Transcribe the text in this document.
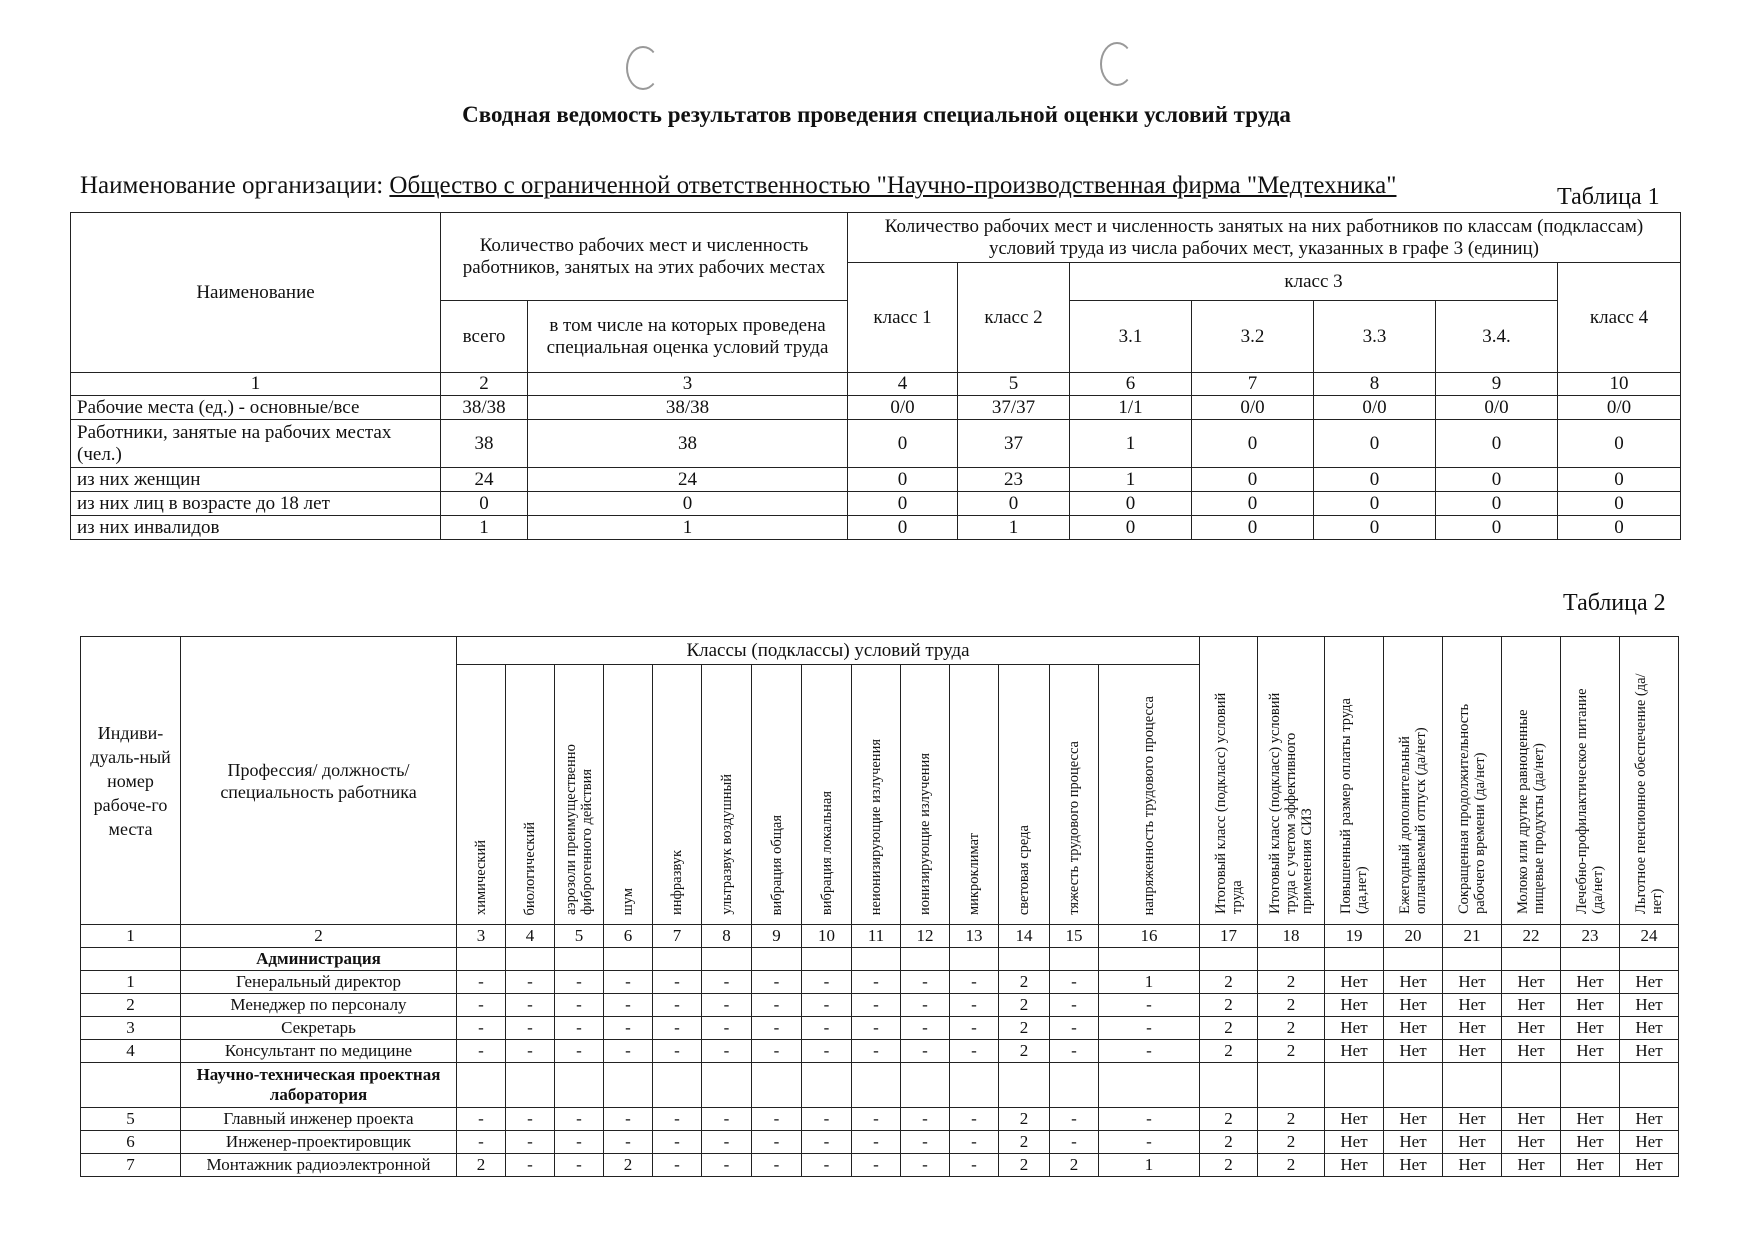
Сводная ведомость результатов проведения специальной оценки условий труда
Наименование организации: Общество с ограниченной ответственностью "Научно-производственная фирма "Медтехника"	Таблица 1
Наименование	Количество рабочих мест и численность работников, занятых на этих рабочих местах		Количество рабочих мест и численность занятых на них работников по классам (подклассам) условий труда из числа рабочих мест, указанных в графе 3 (единиц)						
			класс 1	класс 2	класс 3				класс 4
	всего	в том числе на которых проведена специальная оценка условий труда			3.1	3.2	3.3	3.4.	
1	2	3	4	5	6	7	8	9	10
Рабочие места (ед.) - основные/все	38/38	38/38	0/0	37/37	1/1	0/0	0/0	0/0	0/0
Работники, занятые на рабочих местах (чел.)	38	38	0	37	1	0	0	0	0
из них женщин	24	24	0	23	1	0	0	0	0
из них лиц в возрасте до 18 лет	0	0	0	0	0	0	0	0	0
из них инвалидов	1	1	0	1	0	0	0	0	0
Таблица 2
Индиви-дуаль-ный номер рабоче-го места	Профессия/ должность/ специальность работника	Классы (подклассы) условий труда														Итоговый класс (подкласс) условий труда	Итоговый класс (подкласс) условий труда с учетом эффективного применения СИЗ	Повышенный размер оплаты труда (да,нет)	Ежегодный дополнительный оплачиваемый отпуск (да/нет)	Сокращенная продолжительность рабочего времени (да/нет)	Молоко или другие равноценные пищевые продукты (да/нет)	Лечебно-профилактическое питание (да/нет)	Льготное пенсионное обеспечение (да/нет)
		химический	биологический	аэрозоли преимущественно фиброгенного действия	шум	инфразвук	ультразвук воздушный	вибрация общая	вибрация локальная	неионизирующие излучения	ионизирующие излучения	микроклимат	световая среда	тяжесть трудового процесса	напряженность трудового процесса								
1	2	3	4	5	6	7	8	9	10	11	12	13	14	15	16	17	18	19	20	21	22	23	24
	Администрация																						
1	Генеральный директор	-	-	-	-	-	-	-	-	-	-	-	2	-	1	2	2	Нет	Нет	Нет	Нет	Нет	Нет
2	Менеджер по персоналу	-	-	-	-	-	-	-	-	-	-	-	2	-	-	2	2	Нет	Нет	Нет	Нет	Нет	Нет
3	Секретарь	-	-	-	-	-	-	-	-	-	-	-	2	-	-	2	2	Нет	Нет	Нет	Нет	Нет	Нет
4	Консультант по медицине	-	-	-	-	-	-	-	-	-	-	-	2	-	-	2	2	Нет	Нет	Нет	Нет	Нет	Нет
	Научно-техническая проектная лаборатория																						
5	Главный инженер проекта	-	-	-	-	-	-	-	-	-	-	-	2	-	-	2	2	Нет	Нет	Нет	Нет	Нет	Нет
6	Инженер-проектировщик	-	-	-	-	-	-	-	-	-	-	-	2	-	-	2	2	Нет	Нет	Нет	Нет	Нет	Нет
7	Монтажник радиоэлектронной	2	-	-	2	-	-	-	-	-	-	-	2	2	1	2	2	Нет	Нет	Нет	Нет	Нет	Нет
